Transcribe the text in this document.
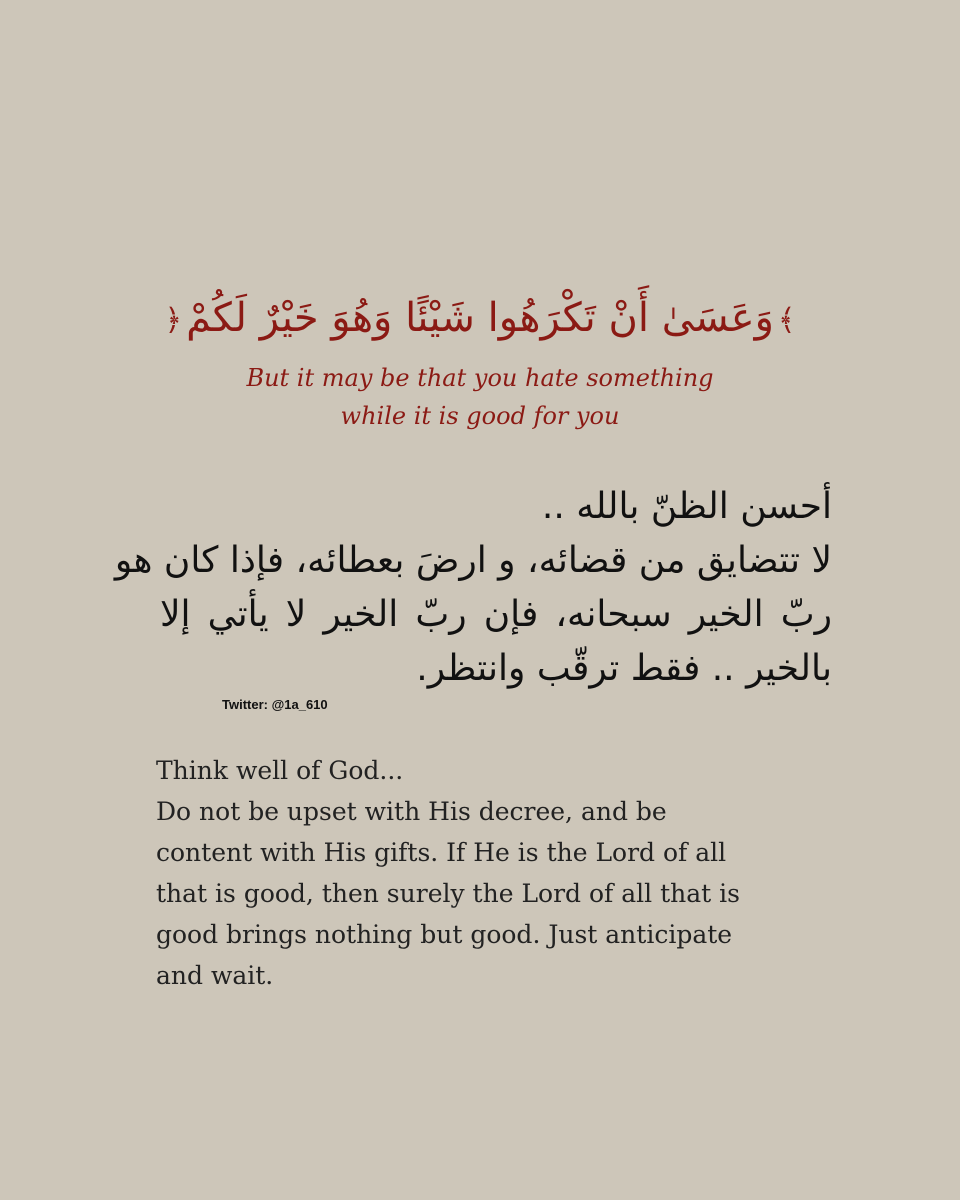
﴾وَعَسَىٰ أَنْ تَكْرَهُوا شَيْئًا وَهُوَ خَيْرٌ لَكُمْ﴿
But it may be that you hate something
while it is good for you
أحسن الظنّ بالله ..
لا تتضايق من قضائه، و ارضَ بعطائه، فإذا كان هو
ربّ الخير سبحانه، فإن ربّ الخير لا يأتي إلا
بالخير .. فقط ترقّب وانتظر.
Twitter: @1a_610
Think well of God...
Do not be upset with His decree, and be
content with His gifts. If He is the Lord of all
that is good, then surely the Lord of all that is
good brings nothing but good. Just anticipate
and wait.
